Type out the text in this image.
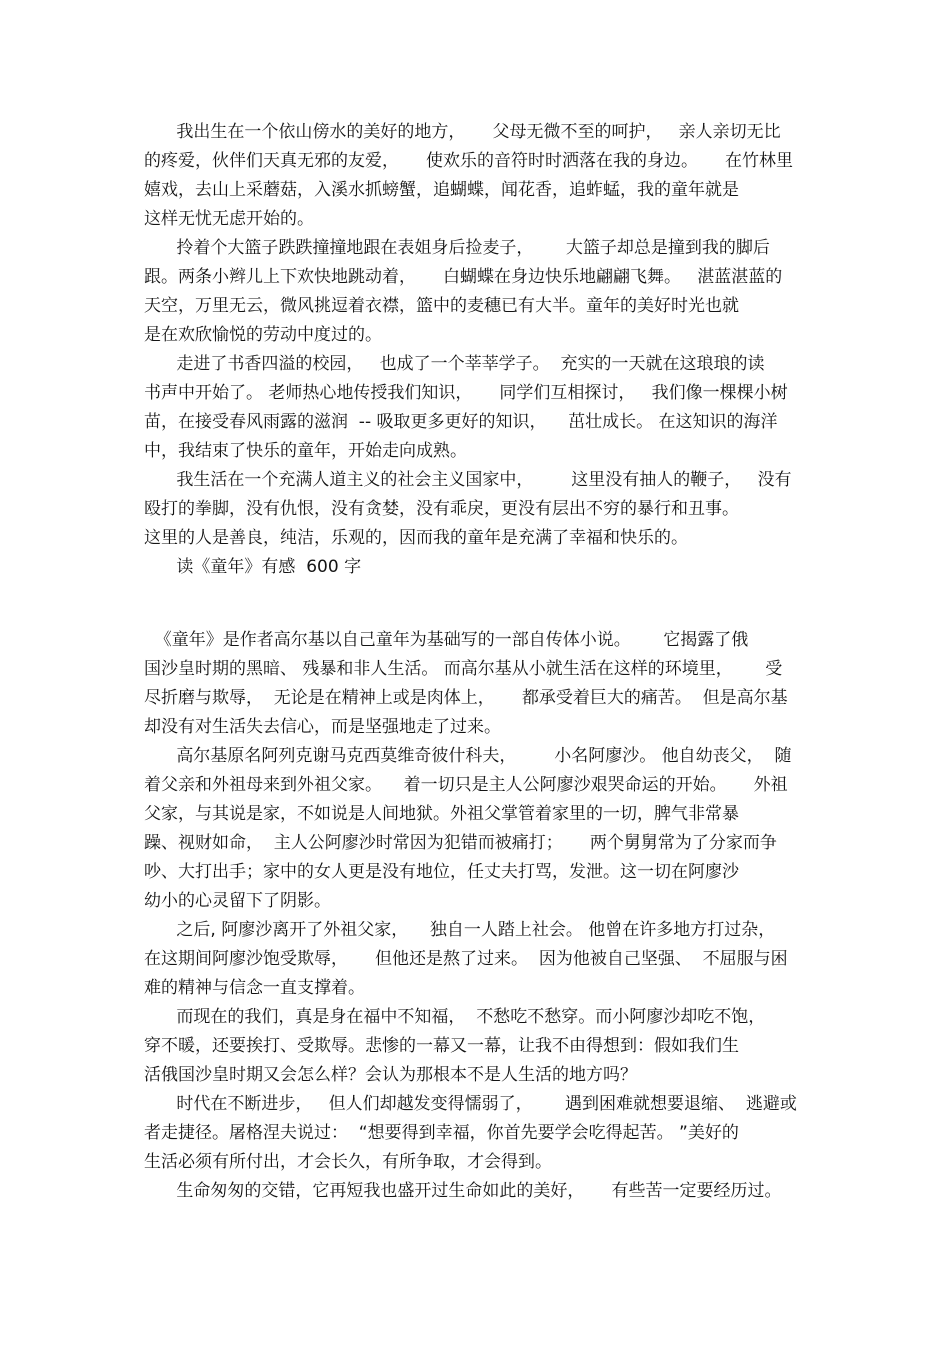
我出生在一个依山傍水的美好的地方，     父母无微不至的呵护，   亲人亲切无比
的疼爱，伙伴们天真无邪的友爱，     使欢乐的音符时时洒落在我的身边。     在竹林里
嬉戏，去山上采蘑菇，入溪水抓螃蟹，追蝴蝶，闻花香，追蚱蜢，我的童年就是
这样无忧无虑开始的。
拎着个大篮子跌跌撞撞地跟在表姐身后捡麦子，      大篮子却总是撞到我的脚后
跟。两条小辫儿上下欢快地跳动着，     白蝴蝶在身边快乐地翩翩飞舞。   湛蓝湛蓝的
天空，万里无云，微风挑逗着衣襟，篮中的麦穗已有大半。童年的美好时光也就
是在欢欣愉悦的劳动中度过的。
走进了书香四溢的校园，   也成了一个莘莘学子。  充实的一天就在这琅琅的读
书声中开始了。 老师热心地传授我们知识，     同学们互相探讨，   我们像一棵棵小树
苗，在接受春风雨露的滋润  -- 吸取更多更好的知识，    茁壮成长。 在这知识的海洋
中，我结束了快乐的童年，开始走向成熟。
我生活在一个充满人道主义的社会主义国家中，       这里没有抽人的鞭子，   没有
殴打的拳脚，没有仇恨，没有贪婪，没有乖戾，更没有层出不穷的暴行和丑事。
这里的人是善良，纯洁，乐观的，因而我的童年是充满了幸福和快乐的。
读《童年》有感  600 字
《童年》是作者高尔基以自己童年为基础写的一部自传体小说。      它揭露了俄
国沙皇时期的黑暗、 残暴和非人生活。 而高尔基从小就生活在这样的环境里，      受
尽折磨与欺辱，  无论是在精神上或是肉体上，     都承受着巨大的痛苦。  但是高尔基
却没有对生活失去信心，而是坚强地走了过来。
高尔基原名阿列克谢马克西莫维奇彼什科夫，       小名阿廖沙。 他自幼丧父，  随
着父亲和外祖母来到外祖父家。    着一切只是主人公阿廖沙艰哭命运的开始。     外祖
父家，与其说是家，不如说是人间地狱。外祖父掌管着家里的一切，脾气非常暴
躁、视财如命，  主人公阿廖沙时常因为犯错而被痛打；     两个舅舅常为了分家而争
吵、大打出手；家中的女人更是没有地位，任丈夫打骂，发泄。这一切在阿廖沙
幼小的心灵留下了阴影。
之后, 阿廖沙离开了外祖父家，    独自一人踏上社会。 他曾在许多地方打过杂，
在这期间阿廖沙饱受欺辱，     但他还是熬了过来。  因为他被自己坚强、  不屈服与困
难的精神与信念一直支撑着。
而现在的我们，真是身在福中不知福，  不愁吃不愁穿。而小阿廖沙却吃不饱，
穿不暖，还要挨打、受欺辱。悲惨的一幕又一幕，让我不由得想到：假如我们生
活俄国沙皇时期又会怎么样？会认为那根本不是人生活的地方吗？
时代在不断进步，   但人们却越发变得懦弱了，      遇到困难就想要退缩、  逃避或
者走捷径。屠格涅夫说过：  “想要得到幸福，你首先要学会吃得起苦。 ”美好的
生活必须有所付出，才会长久，有所争取，才会得到。
生命匆匆的交错，它再短我也盛开过生命如此的美好，     有些苦一定要经历过。
